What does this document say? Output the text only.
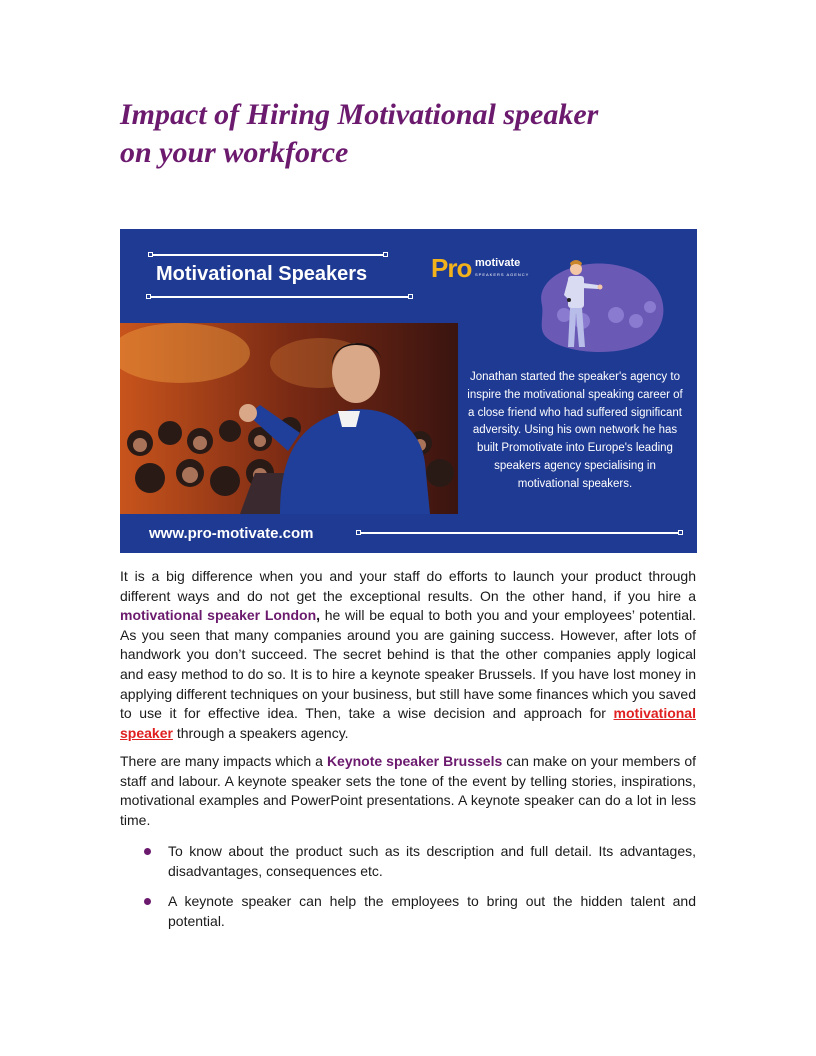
Impact of Hiring Motivational speaker
on your workforce
Motivational Speakers Pro motivate
SPEAKERS AGENCY

Jonathan started the speaker's agency to inspire the motivational speaking career of a close friend who had suffered significant adversity. Using his own network he has built Promotivate into Europe's leading speakers agency specialising in motivational speakers.

www.pro-motivate.com

It is a big difference when you and your staff do efforts to launch your product through different ways and do not get the exceptional results. On the other hand, if you hire a motivational speaker London, he will be equal to both you and your employees’ potential. As you seen that many companies around you are gaining success. However, after lots of handwork you don’t succeed. The secret behind is that the other companies apply logical and easy method to do so. It is to hire a keynote speaker Brussels. If you have lost money in applying different techniques on your business, but still have some finances which you saved to use it for effective idea. Then, take a wise decision and approach for motivational speaker through a speakers agency.

There are many impacts which a Keynote speaker Brussels can make on your members of staff and labour. A keynote speaker sets the tone of the event by telling stories, inspirations, motivational examples and PowerPoint presentations. A keynote speaker can do a lot in less time.

To know about the product such as its description and full detail. Its advantages, disadvantages, consequences etc.
A keynote speaker can help the employees to bring out the hidden talent and potential.
